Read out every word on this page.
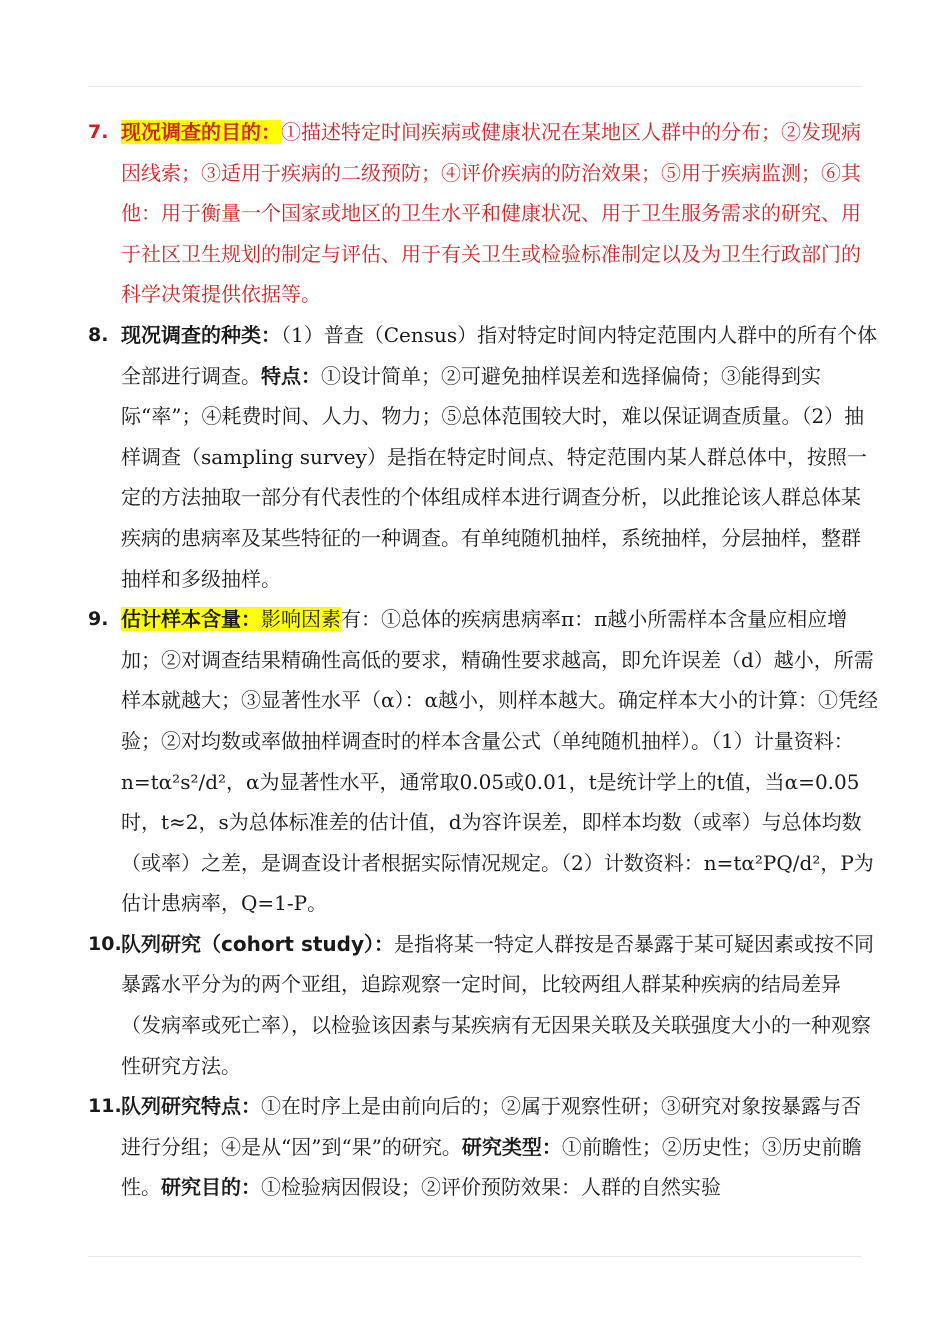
7. 现况调查的目的：①描述特定时间疾病或健康状况在某地区人群中的分布；②发现病因线索；③适用于疾病的二级预防；④评价疾病的防治效果；⑤用于疾病监测；⑥其他：用于衡量一个国家或地区的卫生水平和健康状况、用于卫生服务需求的研究、用于社区卫生规划的制定与评估、用于有关卫生或检验标准制定以及为卫生行政部门的科学决策提供依据等。
8. 现况调查的种类：（1）普查（Census）指对特定时间内特定范围内人群中的所有个体全部进行调查。特点：①设计简单；②可避免抽样误差和选择偏倚；③能得到实际“率”；④耗费时间、人力、物力；⑤总体范围较大时，难以保证调查质量。（2）抽样调查（sampling survey）是指在特定时间点、特定范围内某人群总体中，按照一定的方法抽取一部分有代表性的个体组成样本进行调查分析，以此推论该人群总体某疾病的患病率及某些特征的一种调查。有单纯随机抽样，系统抽样，分层抽样，整群抽样和多级抽样。
9. 估计样本含量：影响因素有：①总体的疾病患病率π：π越小所需样本含量应相应增加；②对调查结果精确性高低的要求，精确性要求越高，即允许误差（d）越小，所需样本就越大；③显著性水平（α）：α越小，则样本越大。确定样本大小的计算：①凭经验；②对均数或率做抽样调查时的样本含量公式（单纯随机抽样）。（1）计量资料：n=tα²s²/d²，α为显著性水平，通常取0.05或0.01，t是统计学上的t值，当α=0.05时，t≈2，s为总体标准差的估计值，d为容许误差，即样本均数（或率）与总体均数（或率）之差，是调查设计者根据实际情况规定。（2）计数资料：n=tα²PQ/d²，P为估计患病率，Q=1-P。
10. 队列研究（cohort study）：是指将某一特定人群按是否暴露于某可疑因素或按不同暴露水平分为的两个亚组，追踪观察一定时间，比较两组人群某种疾病的结局差异（发病率或死亡率），以检验该因素与某疾病有无因果关联及关联强度大小的一种观察性研究方法。
11. 队列研究特点：①在时序上是由前向后的；②属于观察性研；③研究对象按暴露与否进行分组；④是从“因”到“果”的研究。研究类型：①前瞻性；②历史性；③历史前瞻性。研究目的：①检验病因假设；②评价预防效果：人群的自然实验
